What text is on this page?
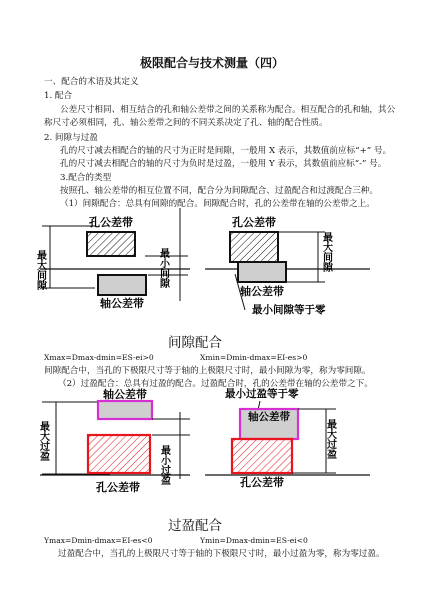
极限配合与技术测量（四）
一、配合的术语及其定义
1. 配合
公差尺寸相同、相互结合的孔和轴公差带之间的关系称为配合。相互配合的孔和轴，其公
称尺寸必须相同，孔、轴公差带之间的不同关系决定了孔、轴的配合性质。
2. 间隙与过盈
孔的尺寸减去相配合的轴的尺寸为正时是间隙，一般用 X 表示，其数值前应标“+” 号。
孔的尺寸减去相配合的轴的尺寸为负时是过盈，一般用 Y 表示，其数值前应标“-” 号。
3.配合的类型
按照孔、轴公差带的相互位置不同，配合分为间隙配合、过盈配合和过渡配合三种。
（1）间隙配合：总具有间隙的配合。间隙配合时，孔的公差带在轴的公差带之上。
孔公差带
轴公差带
最小间隙
最大间隙
孔公差带
轴公差带
最大间隙
最小间隙等于零
间隙配合
Xmax=Dmax-dmin=ES-ei>0	Xmin=Dmin-dmax=EI-es>0
间隙配合中，当孔的下极限尺寸等于轴的上极限尺寸时，最小间隙为零，称为零间隙。
（2）过盈配合：总具有过盈的配合。过盈配合时，孔的公差带在轴的公差带之下。
轴公差带
孔公差带
最大过盈
最小过盈
最小过盈等于零
轴公差带
孔公差带
最大过盈
过盈配合
Ymax=Dmin-dmax=EI-es<0	Ymin=Dmax-dmin=ES-ei<0
过盈配合中，当孔的上极限尺寸等于轴的下极限尺寸时，最小过盈为零，称为零过盈。
